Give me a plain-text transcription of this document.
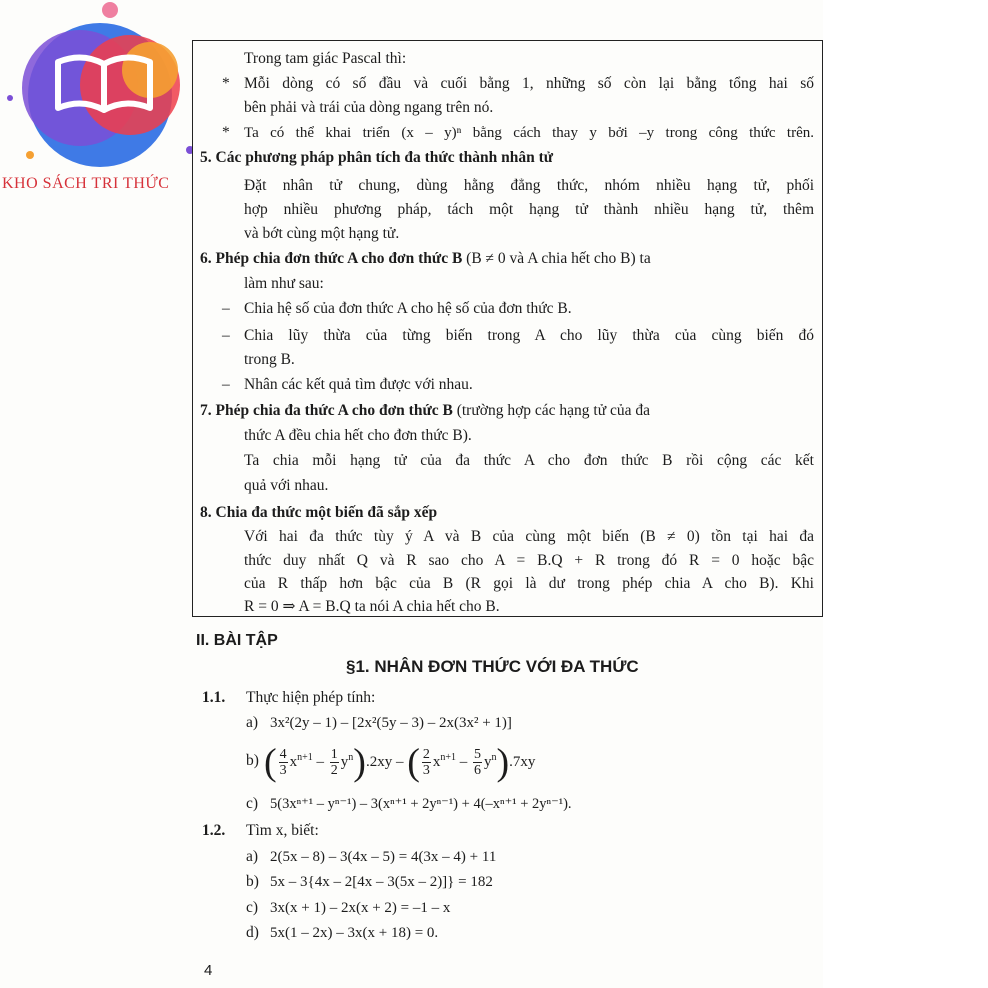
KHO SÁCH TRI THỨC
Trong tam giác Pascal thì:
* Mỗi dòng có số đầu và cuối bằng 1, những số còn lại bằng tổng hai số
bên phải và trái của dòng ngang trên nó.
* Ta có thể khai triển (x – y)ⁿ bằng cách thay y bởi –y trong công thức trên.
5. Các phương pháp phân tích đa thức thành nhân tử
Đặt nhân tử chung, dùng hằng đẳng thức, nhóm nhiều hạng tử, phối
hợp nhiều phương pháp, tách một hạng tử thành nhiều hạng tử, thêm
và bớt cùng một hạng tử.
6. Phép chia đơn thức A cho đơn thức B (B ≠ 0 và A chia hết cho B) ta
làm như sau:
– Chia hệ số của đơn thức A cho hệ số của đơn thức B.
– Chia lũy thừa của từng biến trong A cho lũy thừa của cùng biến đó
trong B.
– Nhân các kết quả tìm được với nhau.
7. Phép chia đa thức A cho đơn thức B (trường hợp các hạng tử của đa
thức A đều chia hết cho đơn thức B).
Ta chia mỗi hạng tử của đa thức A cho đơn thức B rồi cộng các kết
quả với nhau.
8. Chia đa thức một biến đã sắp xếp
Với hai đa thức tùy ý A và B của cùng một biến (B ≠ 0) tồn tại hai đa
thức duy nhất Q và R sao cho A = B.Q + R trong đó R = 0 hoặc bậc
của R thấp hơn bậc của B (R gọi là dư trong phép chia A cho B). Khi
R = 0 ⇒ A = B.Q ta nói A chia hết cho B.
II. BÀI TẬP
§1. NHÂN ĐƠN THỨC VỚI ĐA THỨC
1.1. Thực hiện phép tính:
a) 3x²(2y – 1) – [2x²(5y – 3) – 2x(3x² + 1)]
b) ( $\frac{4}{3} x^{n+1} - \frac{1}{2} y^n).2xy$ – ( $\frac{2}{3} x^{n+1} - \frac{5}{6} y^n).7xy$
c) 5(3xⁿ⁺¹ – yⁿ⁻¹) – 3(xⁿ⁺¹ + 2yⁿ⁻¹) + 4(–xⁿ⁺¹ + 2yⁿ⁻¹).
1.2. Tìm x, biết:
a) 2(5x – 8) – 3(4x – 5) = 4(3x – 4) + 11
b) 5x – 3{4x – 2[4x – 3(5x – 2)]} = 182
c) 3x(x + 1) – 2x(x + 2) = –1 – x
d) 5x(1 – 2x) – 3x(x + 18) = 0.
4
